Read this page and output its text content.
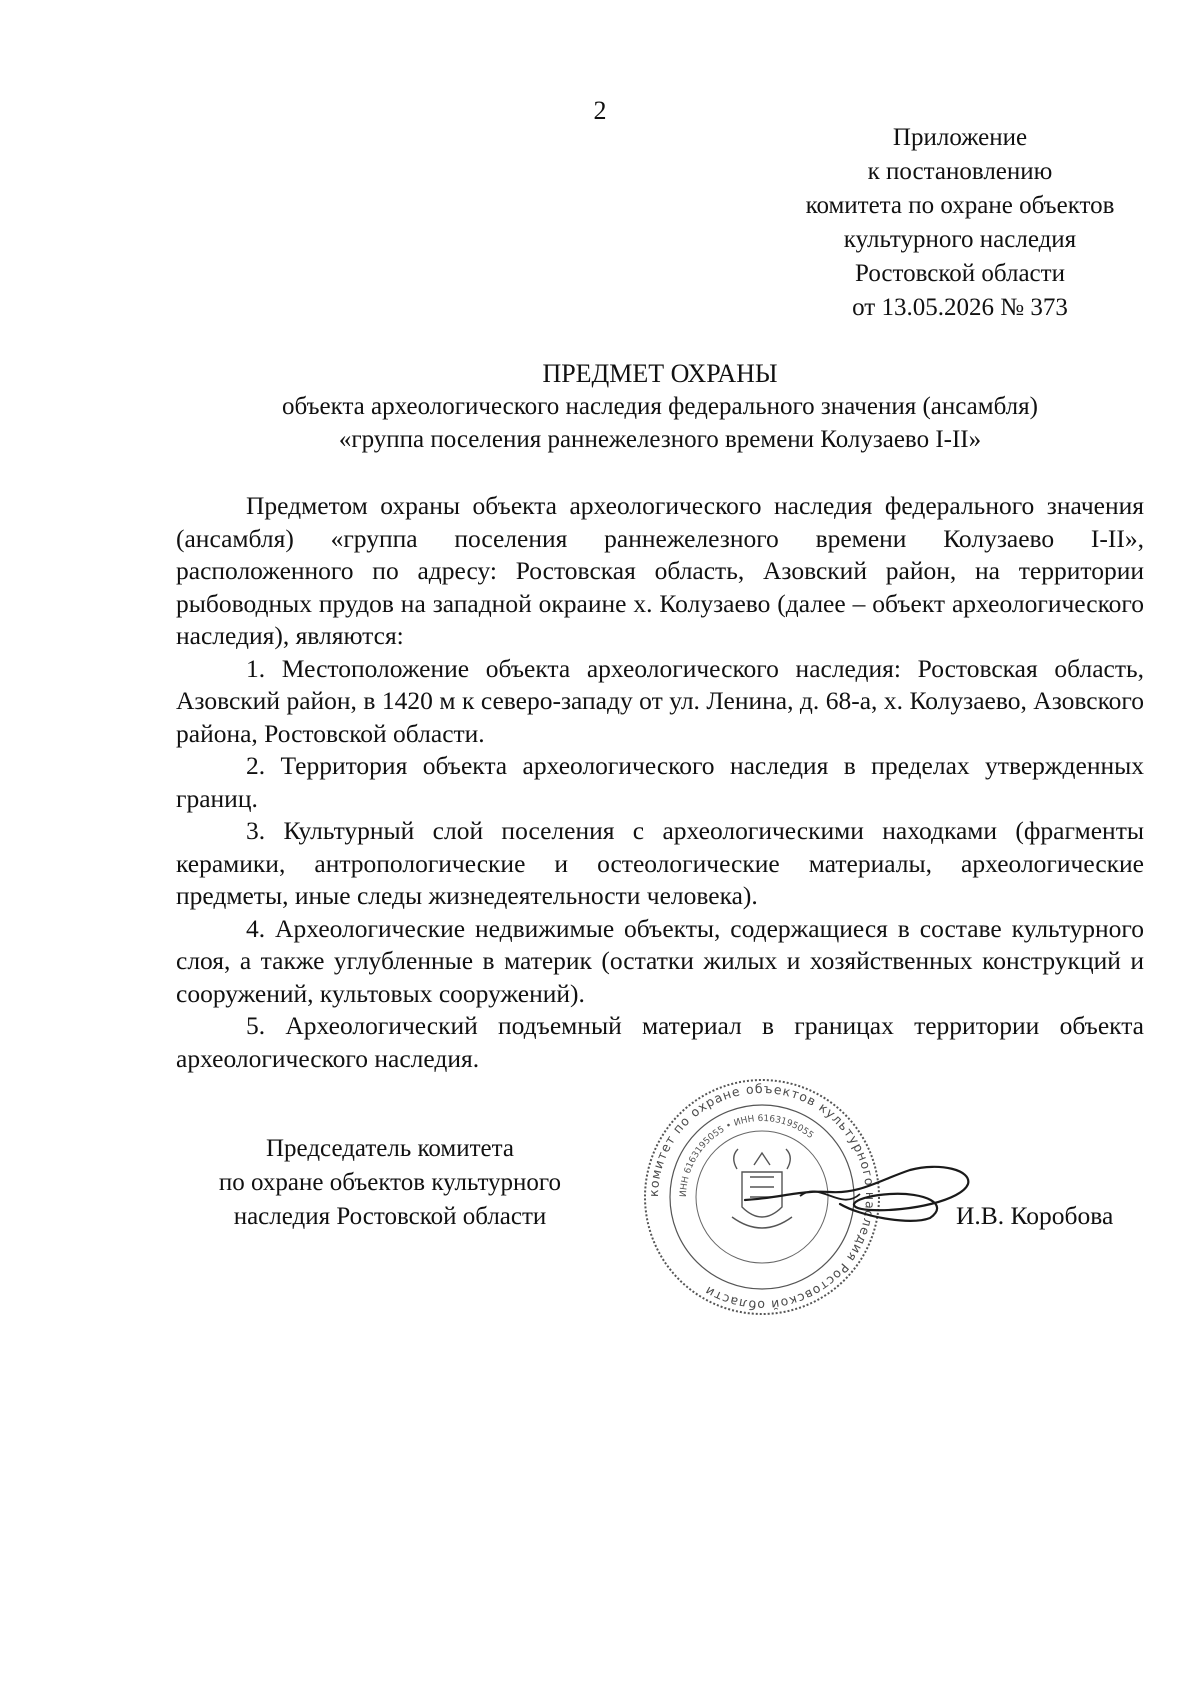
2
Приложение
к постановлению
комитета по охране объектов
культурного наследия
Ростовской области
от 13.05.2026 № 373
ПРЕДМЕТ ОХРАНЫ
объекта археологического наследия федерального значения (ансамбля)
«группа поселения раннежелезного времени Колузаево I-II»

Предметом охраны объекта археологического наследия федерального значения (ансамбля) «группа поселения раннежелезного времени Колузаево I-II», расположенного по адресу: Ростовская область, Азовский район, на территории рыбоводных прудов на западной окраине х. Колузаево (далее – объект археологического наследия), являются:

1. Местоположение объекта археологического наследия: Ростовская область, Азовский район, в 1420 м к северо-западу от ул. Ленина, д. 68-а, х. Колузаево, Азовского района, Ростовской области.

2. Территория объекта археологического наследия в пределах утвержденных границ.

3. Культурный слой поселения с археологическими находками (фрагменты керамики, антропологические и остеологические материалы, археологические предметы, иные следы жизнедеятельности человека).

4. Археологические недвижимые объекты, содержащиеся в составе культурного слоя, а также углубленные в материк (остатки жилых и хозяйственных конструкций и сооружений, культовых сооружений).

5. Археологический подъемный материал в границах территории объекта археологического наследия.

Председатель комитета
по охране объектов культурного
наследия Ростовской области
комитет по охране объектов культурного наследия Ростовской области
ИНН 6163195055 • ИНН 6163195055
И.В. Коробова
